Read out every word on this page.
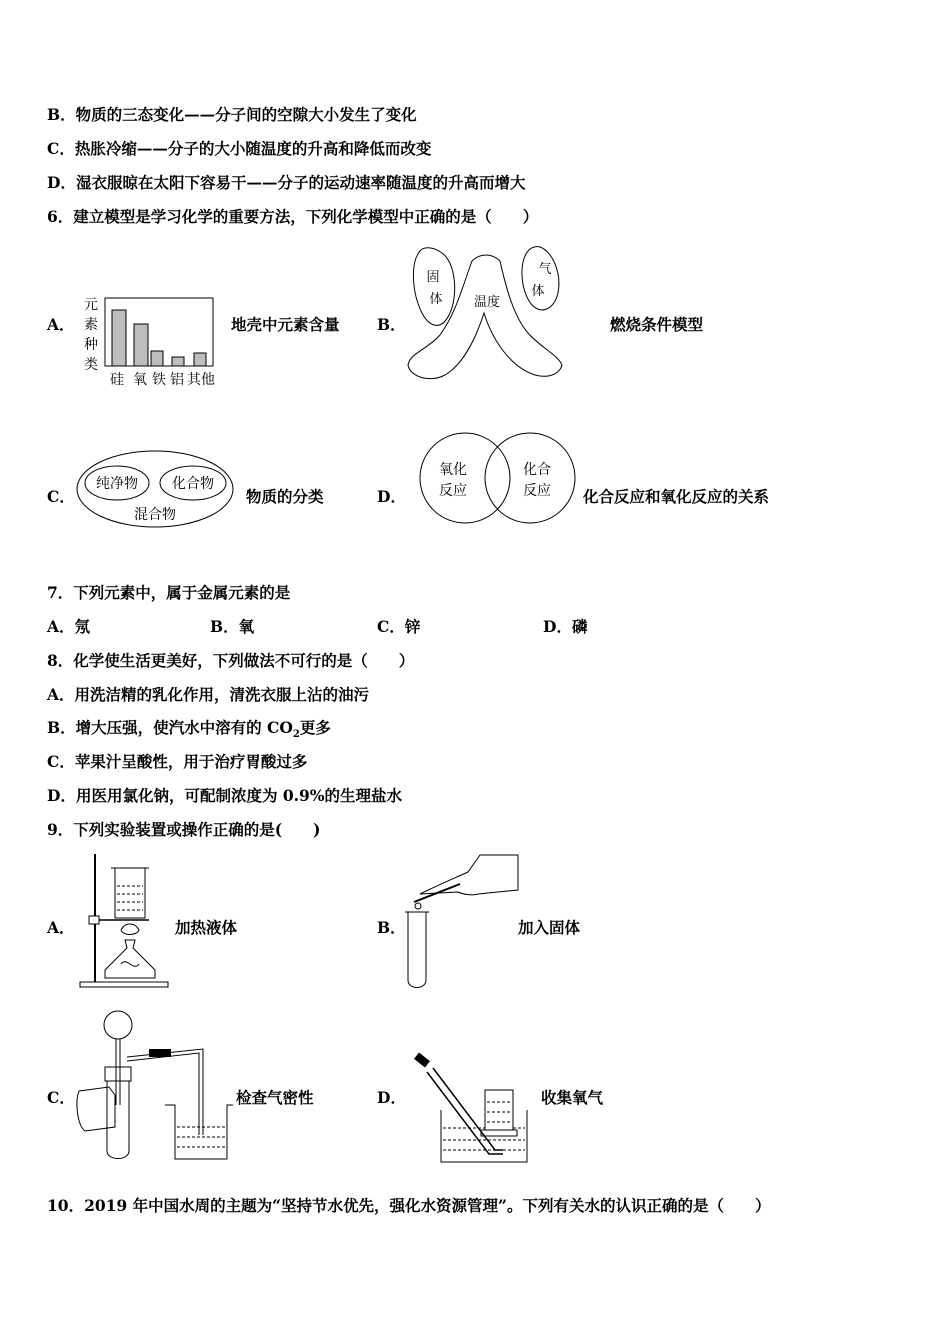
B．物质的三态变化——分子间的空隙大小发生了变化
C．热胀冷缩——分子的大小随温度的升高和降低而改变
D．湿衣服晾在太阳下容易干——分子的运动速率随温度的升高而增大
6．建立模型是学习化学的重要方法，下列化学模型中正确的是（　　）
A．
元
素
种
类
硅 氧 铁 铝 其他
地壳中元素含量 B．
固
体
气
体
温度
燃烧条件模型
C．
纯净物 化合物
混合物
物质的分类	D．
氧化
反应
化合
反应 化合反应和氧化反应的关系
7．下列元素中，属于金属元素的是
A．氖	B．氧	C．锌	D．磷
8．化学使生活更美好，下列做法不可行的是（　　）
A．用洗洁精的乳化作用，清洗衣服上沾的油污
B．增大压强，使汽水中溶有的 $CO_2$更多
C．苹果汁呈酸性，用于治疗胃酸过多
D．用医用氯化钠，可配制浓度为 0.9%的生理盐水
9．下列实验装置或操作正确的是(　　)
A．	加热液体	B．	加入固体
C．	检查气密性	D．	收集氧气
10．2019 年中国水周的主题为“坚持节水优先，强化水资源管理”。下列有关水的认识正确的是（　　）
